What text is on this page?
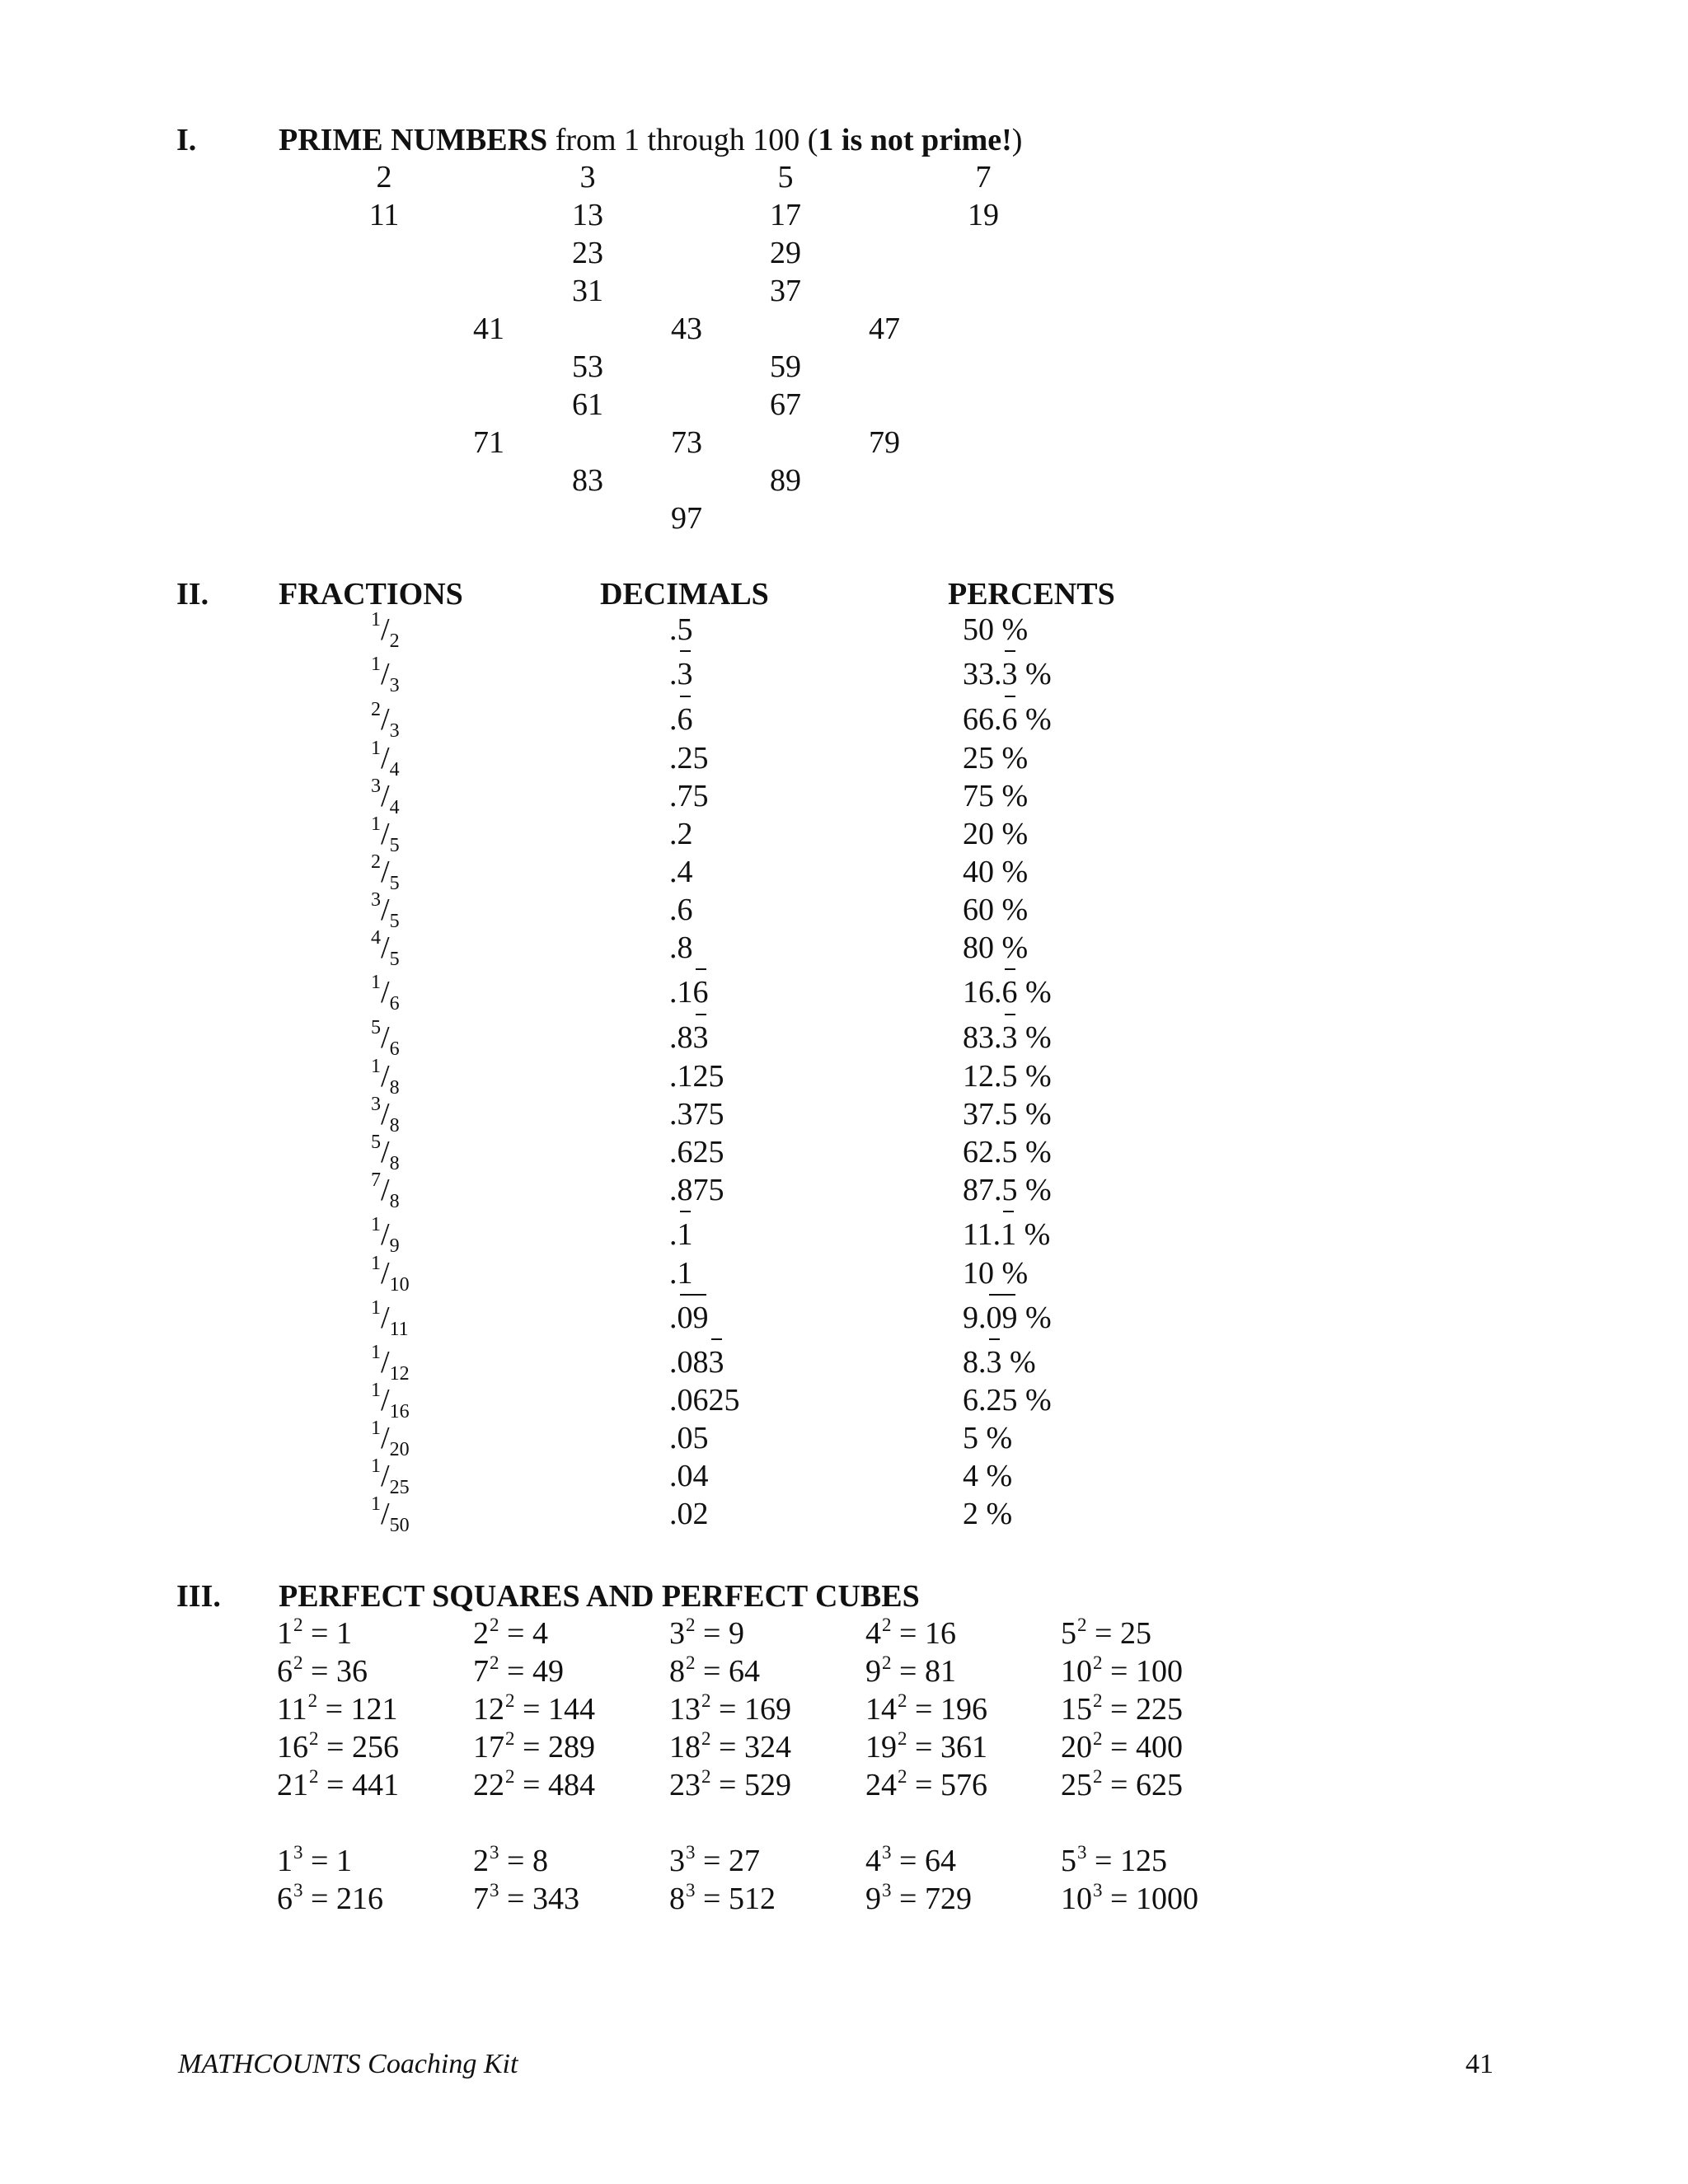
I.	PRIME NUMBERS from 1 through 100 (1 is not prime!)
2	3	5	7
11	13	17	19
23	29
31	37
41	43	47
53	59
61	67
71	73	79
83	89
97
II. FRACTIONS	DECIMALS	PERCENTS
1/2	.5	50 %
1/3	.3	33.3 %
2/3	.6	66.6 %
1/4	.25	25 %
3/4	.75	75 %
1/5	.2	20 %
2/5	.4	40 %
3/5	.6	60 %
4/5	.8	80 %
1/6	.16	16.6 %
5/6	.83	83.3 %
1/8	.125	12.5 %
3/8	.375	37.5 %
5/8	.625	62.5 %
7/8	.875	87.5 %
1/9	.1	11.1 %
1/10	.1	10 %
1/11	.09	9.09 %
1/12	.083	8.3 %
1/16	.0625	6.25 %
1/20	.05	5 %
1/25	.04	4 %
1/50	.02	2 %
III. PERFECT SQUARES AND PERFECT CUBES
$1^2 = 1$	$2^2 = 4$	$3^2 = 9$	$4^2 = 16$	$5^2 = 25$
$6^2 = 36$	$7^2 = 49$	$8^2 = 64$	$9^2 = 81$	$10^2 = 100$
$11^2 = 121$ $12^2 = 144$ $13^2 = 169$ $14^2 = 196$ $15^2 = 225$
$16^2 = 256$ $17^2 = 289$ $18^2 = 324$ $19^2 = 361$ $20^2 = 400$
$21^2 = 441$ $22^2 = 484$ $23^2 = 529$ $24^2 = 576$ $25^2 = 625$
$1^3 = 1$	$2^3 = 8$	$3^3 = 27$	$4^3 = 64$	$5^3 = 125$
$6^3 = 216$	$7^3 = 343$	$8^3 = 512$	$9^3 = 729$	$10^3 = 1000$
MATHCOUNTS Coaching Kit	41
